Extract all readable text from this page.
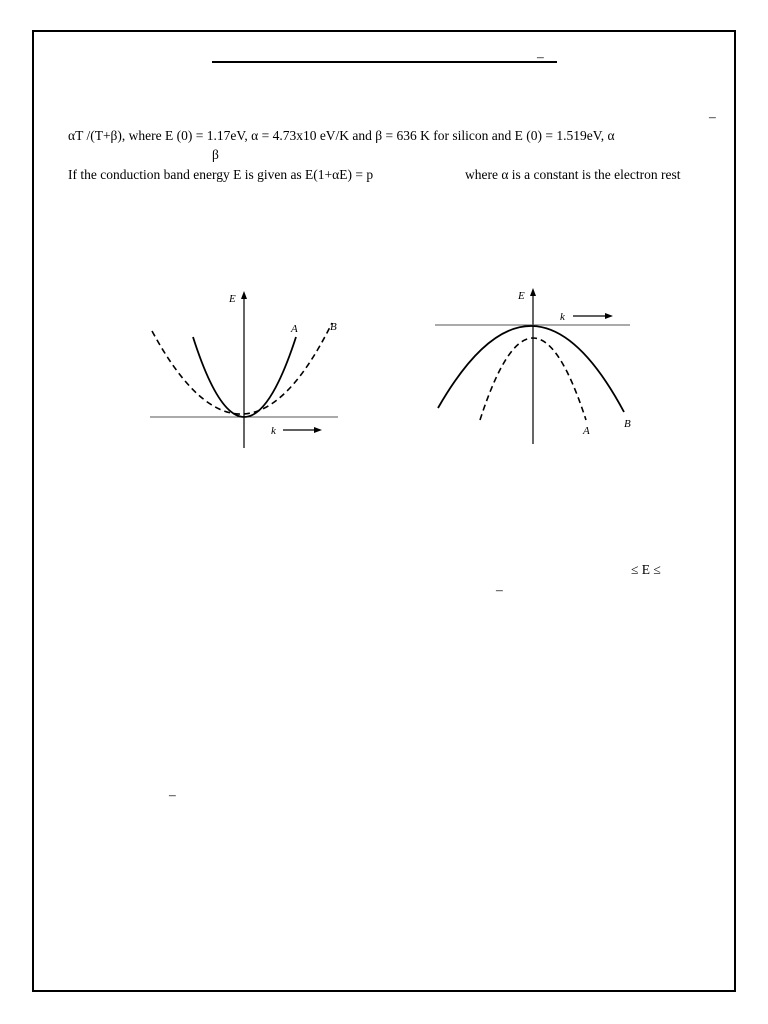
–
–
αT /(T+β), where E (0) = 1.17eV, α = 4.73x10 eV/K and β = 636 K for silicon and E (0) = 1.519eV, α
β
If the conduction band energy E is given as E(1+αE) = p	where α is a constant is the electron rest
E
k
A	B
E
k
A
B
≤ E ≤
–
–
